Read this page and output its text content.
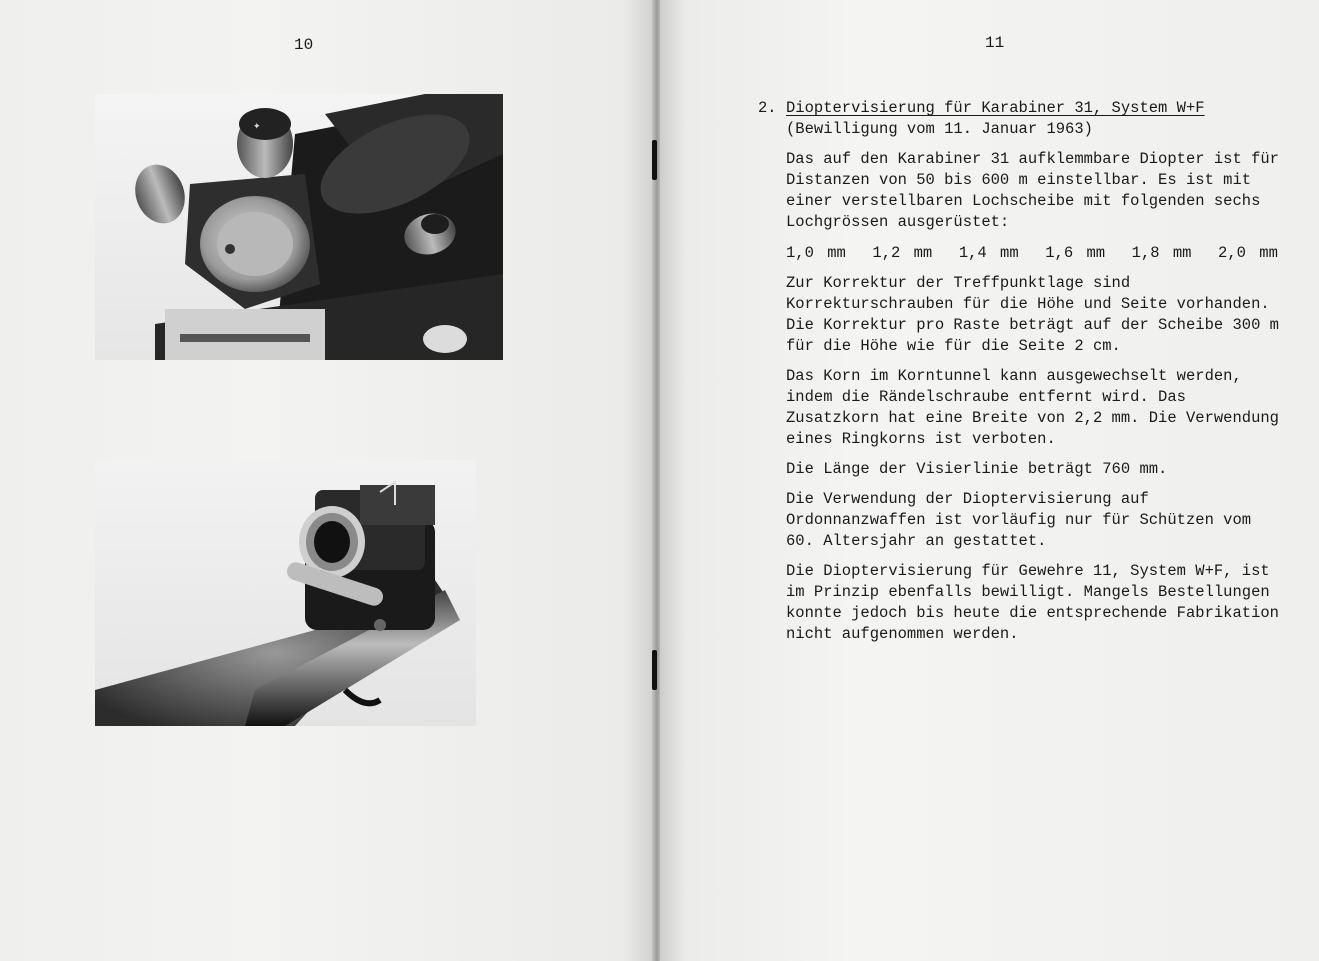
10
✦
11
2. Dioptervisierung für Karabiner 31, System W+F
(Bewilligung vom 11. Januar 1963)
Das auf den Karabiner 31 aufklemmbare Diopter ist für Distanzen von 50 bis 600 m einstellbar. Es ist mit einer verstellbaren Lochscheibe mit folgenden sechs Lochgrössen ausgerüstet:
1,0 mm  1,2 mm  1,4 mm  1,6 mm  1,8 mm  2,0 mm
Zur Korrektur der Treffpunktlage sind Korrekturschrauben für die Höhe und Seite vorhanden. Die Korrektur pro Raste beträgt auf der Scheibe 300 m für die Höhe wie für die Seite 2 cm.
Das Korn im Korntunnel kann ausgewechselt werden, indem die Rändelschraube entfernt wird. Das Zusatzkorn hat eine Breite von 2,2 mm. Die Verwendung eines Ringkorns ist verboten.
Die Länge der Visierlinie beträgt 760 mm.
Die Verwendung der Dioptervisierung auf Ordonnanzwaffen ist vorläufig nur für Schützen vom 60. Altersjahr an gestattet.
Die Dioptervisierung für Gewehre 11, System W+F, ist im Prinzip ebenfalls bewilligt. Mangels Bestellungen konnte jedoch bis heute die entsprechende Fabrikation nicht aufgenommen werden.
